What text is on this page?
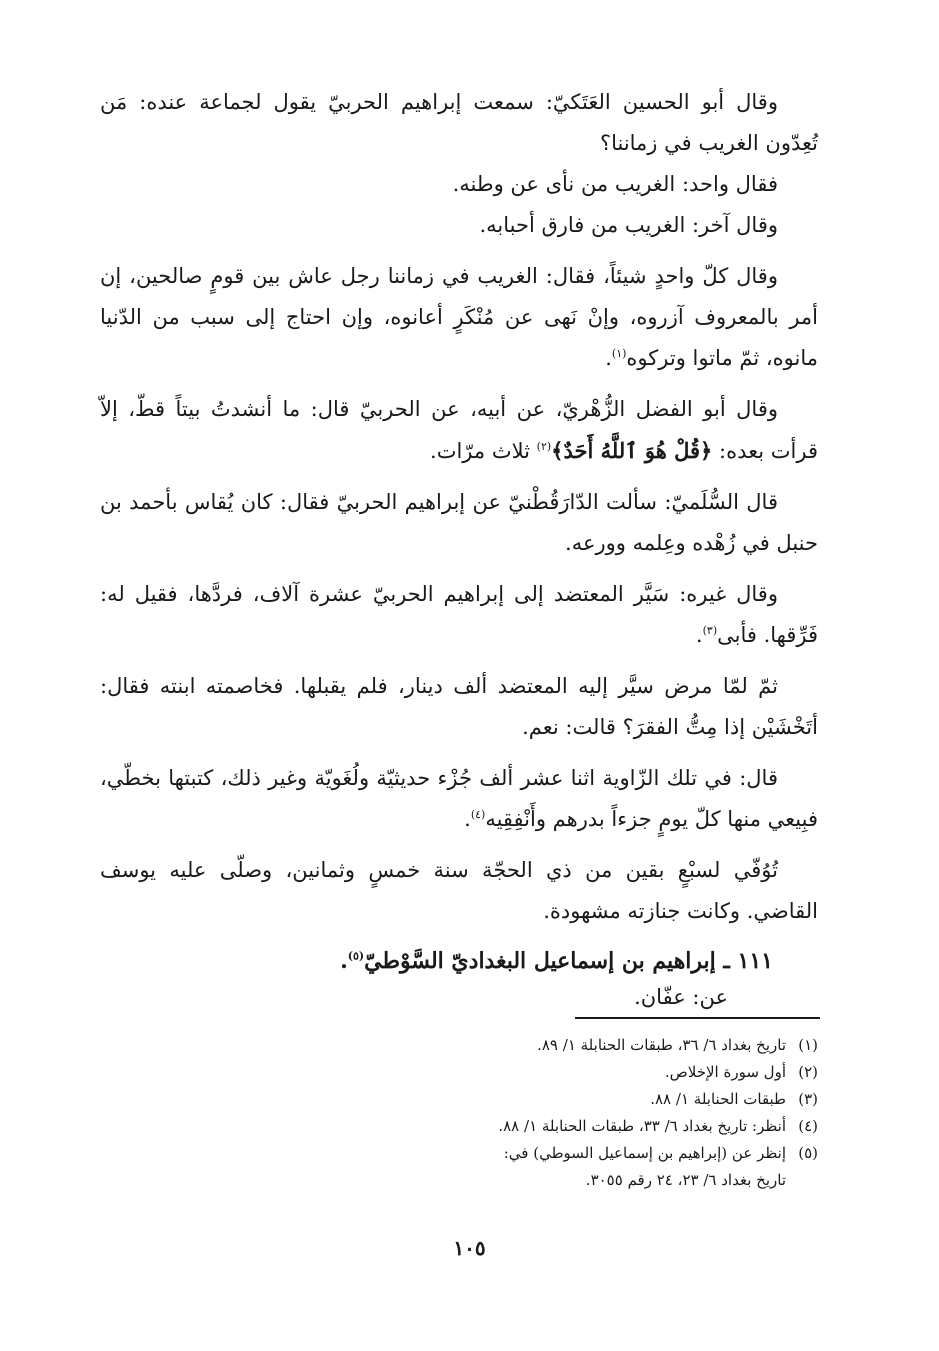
وقال أبو الحسين العَتَكيّ: سمعت إبراهيم الحربيّ يقول لجماعة عنده: مَن تُعِدّون الغريب في زماننا؟

فقال واحد: الغريب من نأى عن وطنه.

وقال آخر: الغريب من فارق أحبابه.

وقال كلّ واحدٍ شيئاً، فقال: الغريب في زماننا رجل عاش بين قومٍ صالحين، إن أمر بالمعروف آزروه، وإنْ نَهى عن مُنْكَرٍ أعانوه، وإن احتاج إلى سبب من الدّنيا مانوه، ثمّ ماتوا وتركوه$^{(١)}$.

وقال أبو الفضل الزُّهْريّ، عن أبيه، عن الحربيّ قال: ما أنشدتُ بيتاً قطّ، إلاّ قرأت بعده: ﴿قُلْ هُوَ ٱللَّهُ أَحَدٌ﴾$^{(٢)}$ ثلاث مرّات.

قال السُّلَميّ: سألت الدّارَقُطْنيّ عن إبراهيم الحربيّ فقال: كان يُقاس بأحمد بن حنبل في زُهْده وعِلمه وورعه.

وقال غيره: سَيَّر المعتضد إلى إبراهيم الحربيّ عشرة آلاف، فردَّها، فقيل له: فَرِّقها. فأبى$^{(٣)}$.

ثمّ لمّا مرض سيَّر إليه المعتضد ألف دينار، فلم يقبلها. فخاصمته ابنته فقال: أتَخْشَيْن إذا مِتُّ الفقرَ؟ قالت: نعم.

قال: في تلك الزّاوية اثنا عشر ألف جُزْء حديثيّة ولُغَويّة وغير ذلك، كتبتها بخطّي، فبِيعي منها كلّ يومٍ جزءاً بدرهم وأَنْفِقِيه$^{(٤)}$.

تُوُفّي لسبْعٍ بقين من ذي الحجّة سنة خمسٍ وثمانين، وصلّى عليه يوسف القاضي. وكانت جنازته مشهودة.

١١١ ـ إبراهيم بن إسماعيل البغداديّ السَّوْطيّ$^{(٥)}$.
عن: عفّان.
(١)
تاريخ بغداد ٦/ ٣٦، طبقات الحنابلة ١/ ٨٩.
(٢)
أول سورة الإخلاص.
(٣)
طبقات الحنابلة ١/ ٨٨.
(٤)
أنظر: تاريخ بغداد ٦/ ٣٣، طبقات الحنابلة ١/ ٨٨.
(٥)
إنظر عن (إبراهيم بن إسماعيل السوطي) في:
تاريخ بغداد ٦/ ٢٣، ٢٤ رقم ٣٠٥٥.
١٠٥
